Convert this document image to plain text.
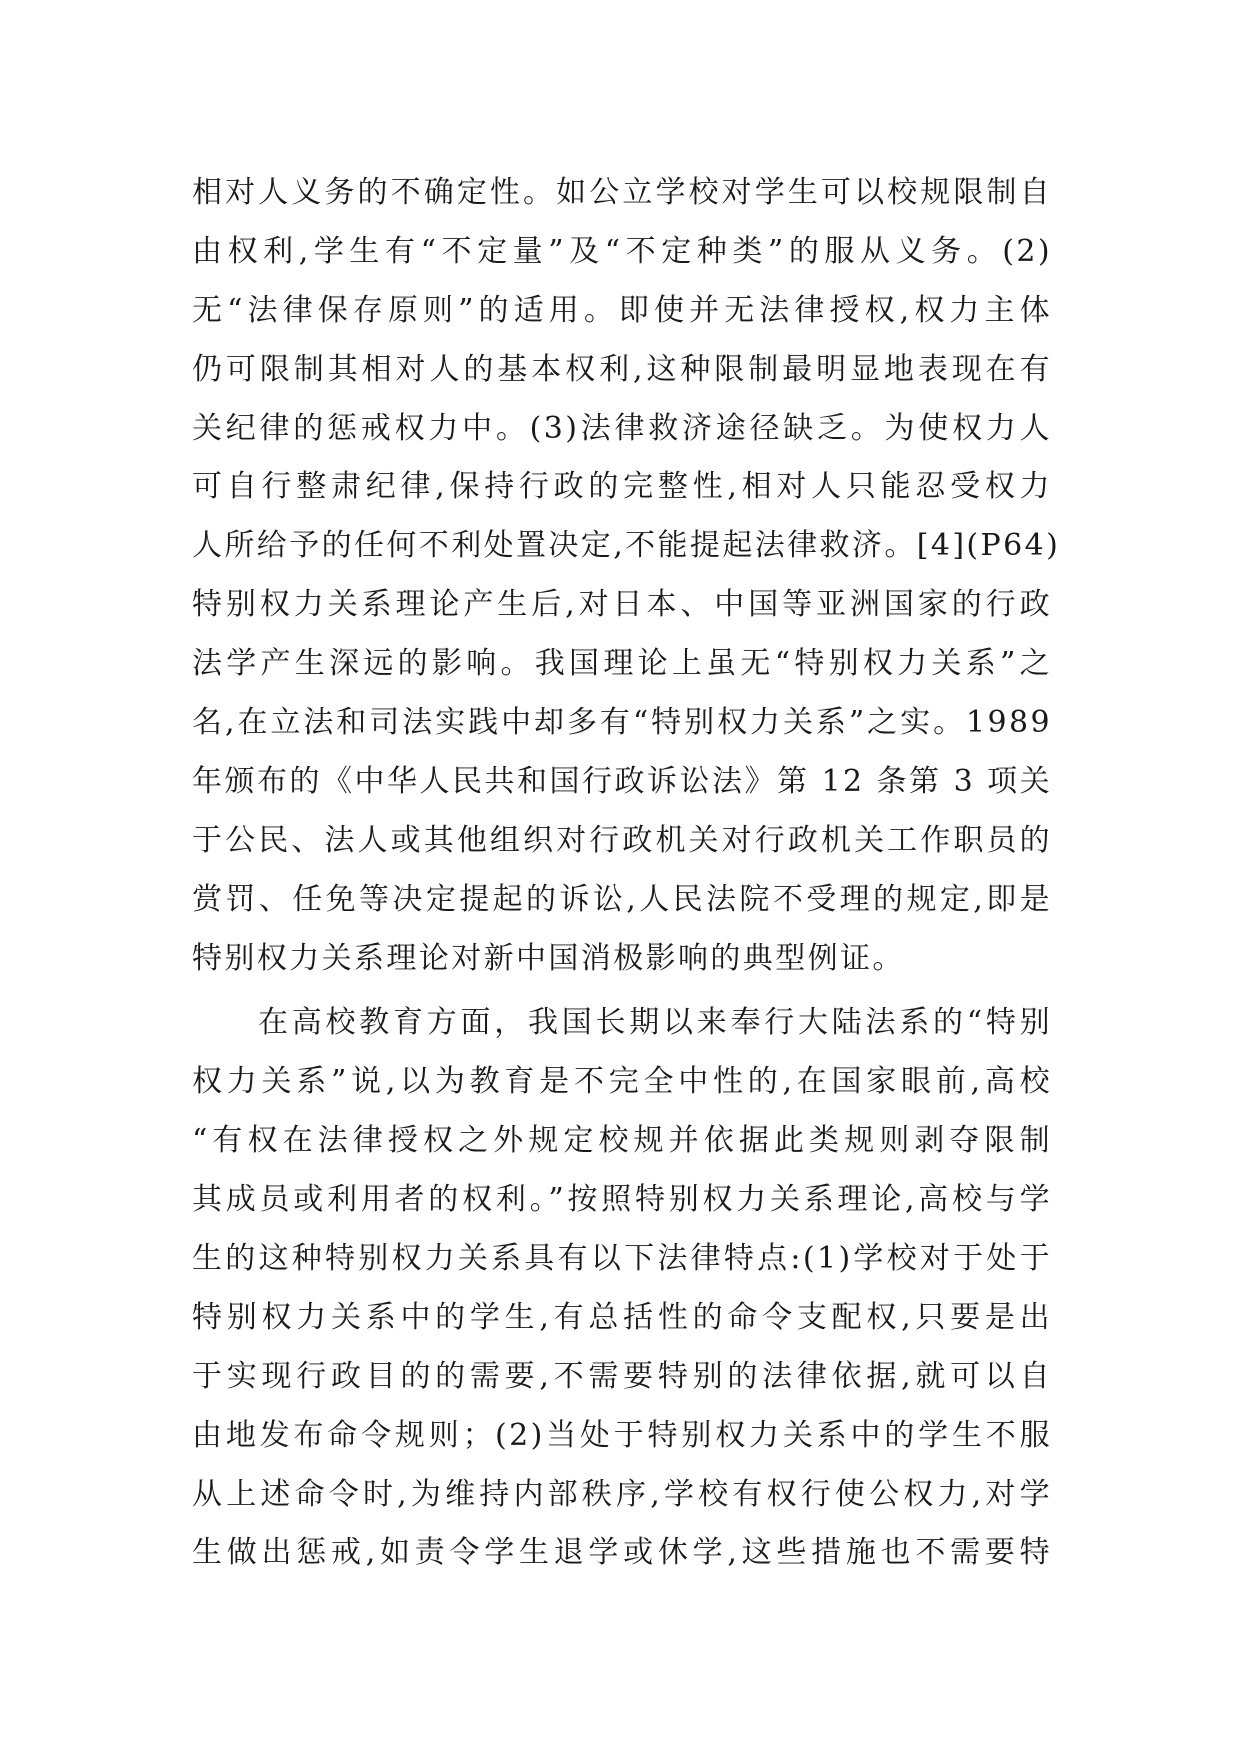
相对人义务的不确定性。如公立学校对学生可以校规限制自
由权利,学生有“不定量”及“不定种类”的服从义务。(2)
无“法律保存原则”的适用。即使并无法律授权,权力主体
仍可限制其相对人的基本权利,这种限制最明显地表现在有
关纪律的惩戒权力中。(3)法律救济途径缺乏。为使权力人
可自行整肃纪律,保持行政的完整性,相对人只能忍受权力
人所给予的任何不利处置决定,不能提起法律救济。[4](P64)
特别权力关系理论产生后,对日本、中国等亚洲国家的行政
法学产生深远的影响。我国理论上虽无“特别权力关系”之
名,在立法和司法实践中却多有“特别权力关系”之实。1989
年颁布的《中华人民共和国行政诉讼法》第 12 条第 3 项关
于公民、法人或其他组织对行政机关对行政机关工作职员的
赏罚、任免等决定提起的诉讼,人民法院不受理的规定,即是
特别权力关系理论对新中国消极影响的典型例证。
在高校教育方面，我国长期以来奉行大陆法系的“特别
权力关系”说,以为教育是不完全中性的,在国家眼前,高校
“有权在法律授权之外规定校规并依据此类规则剥夺限制
其成员或利用者的权利。”按照特别权力关系理论,高校与学
生的这种特别权力关系具有以下法律特点:(1)学校对于处于
特别权力关系中的学生,有总括性的命令支配权,只要是出
于实现行政目的的需要,不需要特别的法律依据,就可以自
由地发布命令规则；(2)当处于特别权力关系中的学生不服
从上述命令时,为维持内部秩序,学校有权行使公权力,对学
生做出惩戒,如责令学生退学或休学,这些措施也不需要特
